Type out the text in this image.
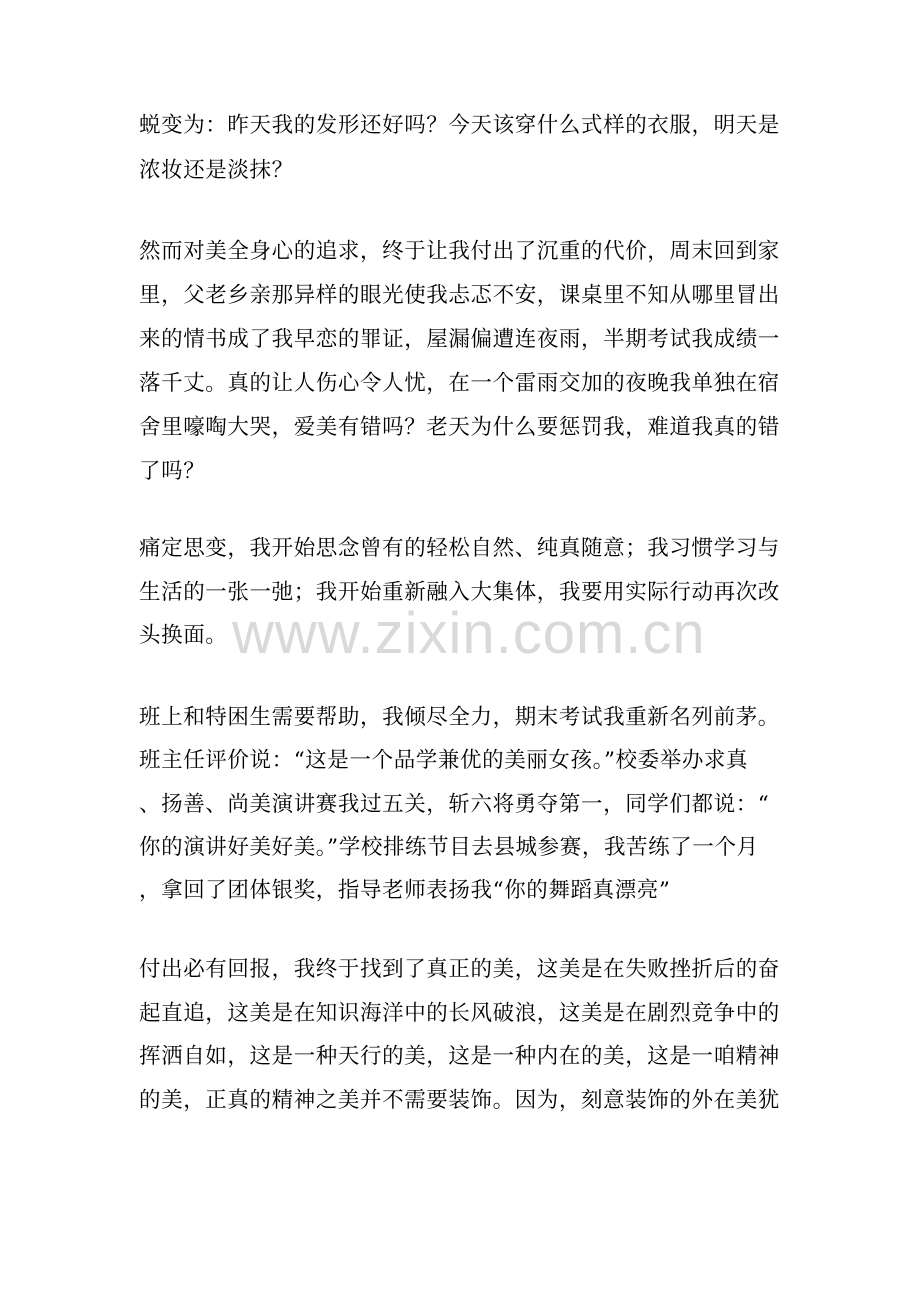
蜕变为：昨天我的发形还好吗？今天该穿什么式样的衣服，明天是
浓妆还是淡抹？
然而对美全身心的追求，终于让我付出了沉重的代价，周末回到家
里，父老乡亲那异样的眼光使我忐忑不安，课桌里不知从哪里冒出
来的情书成了我早恋的罪证，屋漏偏遭连夜雨，半期考试我成绩一
落千丈。真的让人伤心令人忧，在一个雷雨交加的夜晚我单独在宿
舍里嚎啕大哭，爱美有错吗？老天为什么要惩罚我，难道我真的错
了吗？
痛定思变，我开始思念曾有的轻松自然、纯真随意；我习惯学习与
生活的一张一弛；我开始重新融入大集体，我要用实际行动再次改
头换面。
班上和特困生需要帮助，我倾尽全力，期末考试我重新名列前茅。
班主任评价说：“这是一个品学兼优的美丽女孩。”校委举办求真
、扬善、尚美演讲赛我过五关，斩六将勇夺第一，同学们都说：“
你的演讲好美好美。”学校排练节目去县城参赛，我苦练了一个月
，拿回了团体银奖，指导老师表扬我“你的舞蹈真漂亮”
付出必有回报，我终于找到了真正的美，这美是在失败挫折后的奋
起直追，这美是在知识海洋中的长风破浪，这美是在剧烈竞争中的
挥洒自如，这是一种天行的美，这是一种内在的美，这是一咱精神
的美，正真的精神之美并不需要装饰。因为，刻意装饰的外在美犹
www.zixin.com.cn
